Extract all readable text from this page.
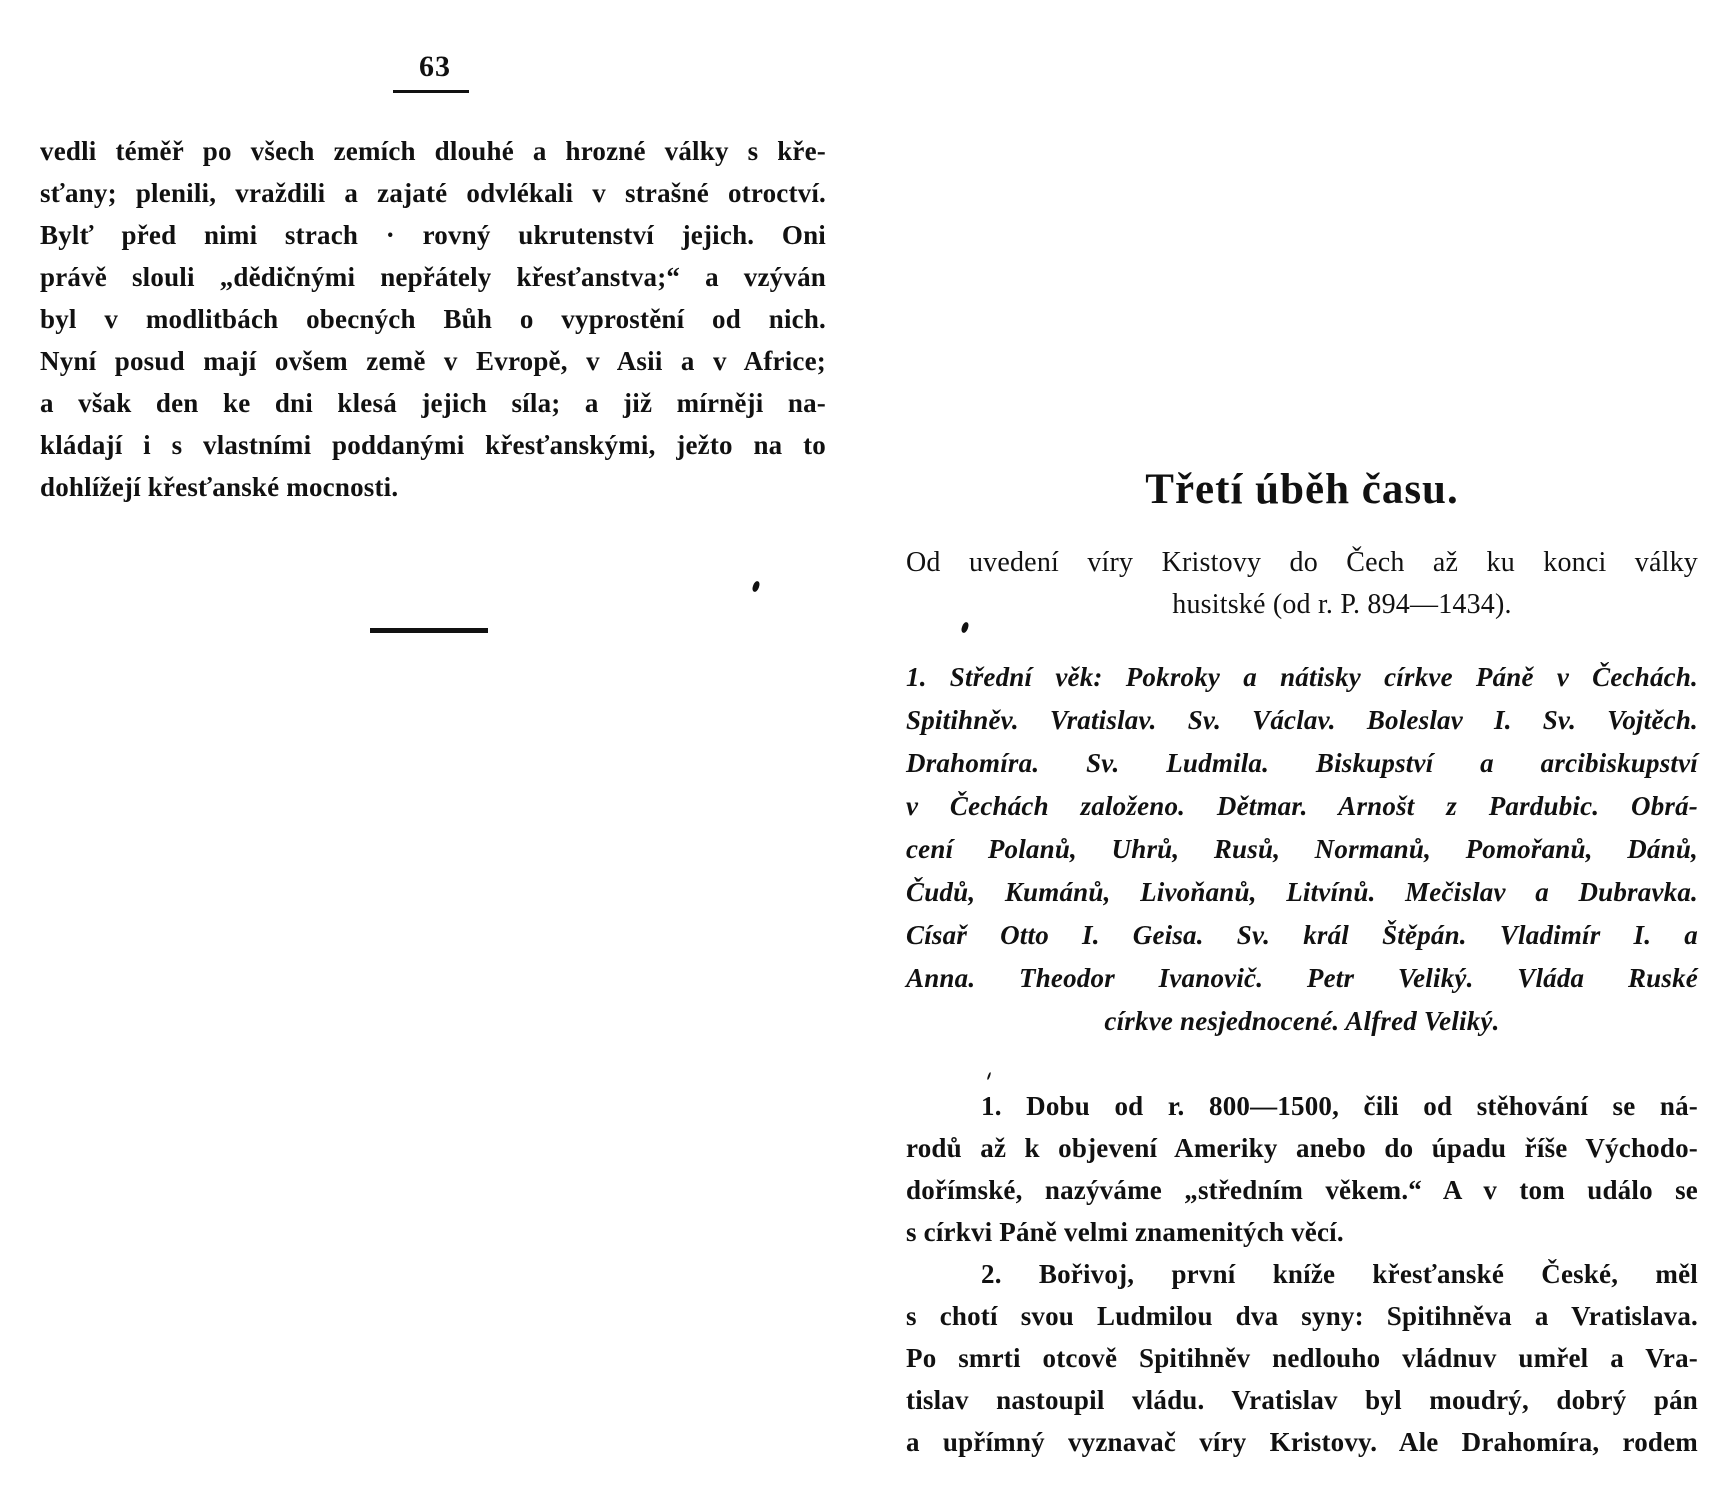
63
vedli téměř po všech zemích dlouhé a hrozné války s kře-
sťany; plenili, vraždili a zajaté odvlékali v strašné otroctví.
Bylť před nimi strach · rovný ukrutenství jejich. Oni
právě slouli „dědičnými nepřátely křesťanstva;“ a vzýván
byl v modlitbách obecných Bůh o vyprostění od nich.
Nyní posud mají ovšem země v Evropě, v Asii a v Africe;
a však den ke dni klesá jejich síla; a již mírněji na-
kládají i s vlastními poddanými křesťanskými, ježto na to
dohlížejí křesťanské mocnosti.	Třetí úběh času.
Od uvedení víry Kristovy do Čech až ku konci války
husitské (od r. P. 894—1434).
1. Střední věk: Pokroky a nátisky církve Páně v Čechách.
Spitihněv. Vratislav. Sv. Václav. Boleslav I. Sv. Vojtěch.
Drahomíra. Sv. Ludmila. Biskupství a arcibiskupství
v Čechách založeno. Dětmar. Arnošt z Pardubic. Obrá-
cení Polanů, Uhrů, Rusů, Normanů, Pomořanů, Dánů,
Čudů, Kumánů, Livoňanů, Litvínů. Mečislav a Dubravka.
Císař Otto I. Geisa. Sv. král Štěpán. Vladimír I. a
Anna. Theodor Ivanovič. Petr Veliký. Vláda Ruské
církve nesjednocené. Alfred Veliký.
1. Dobu od r. 800—1500, čili od stěhování se ná-
rodů až k objevení Ameriky anebo do úpadu říše Východo-
dořímské, nazýváme „středním věkem.“ A v tom událo se
s církvi Páně velmi znamenitých věcí.
2. Bořivoj, první kníže křesťanské České, měl
s chotí svou Ludmilou dva syny: Spitihněva a Vratislava.
Po smrti otcově Spitihněv nedlouho vládnuv umřel a Vra-
tislav nastoupil vládu. Vratislav byl moudrý, dobrý pán
a upřímný vyznavač víry Kristovy. Ale Drahomíra, rodem
